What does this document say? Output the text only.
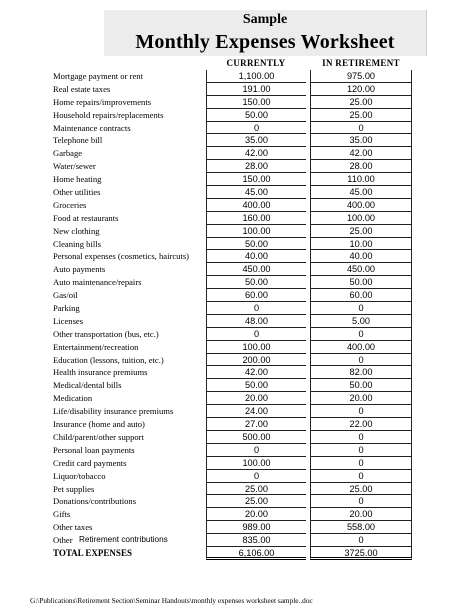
Sample
Monthly Expenses Worksheet
CURRENTLY	IN RETIREMENT
Mortgage payment or rent	1,100.00	975.00
Real estate taxes	191.00	120.00
Home repairs/improvements	150.00	25.00
Household repairs/replacements	50.00	25.00
Maintenance contracts	0	0
Telephone bill	35.00	35.00
Garbage	42.00	42.00
Water/sewer	28.00	28.00
Home heating	150.00	110.00
Other utilities	45.00	45.00
Groceries	400.00	400.00
Food at restaurants	160.00	100.00
New clothing	100.00	25.00
Cleaning bills	50.00	10.00
Personal expenses (cosmetics, haircuts)	40.00	40.00
Auto payments	450.00	450.00
Auto maintenance/repairs	50.00	50.00
Gas/oil	60.00	60.00
Parking	0	0
Licenses	48.00	5.00
Other transportation (bus, etc.)	0	0
Entertainment/recreation	100.00	400.00
Education (lessons, tuition, etc.)	200.00	0
Health insurance premiums	42.00	82.00
Medical/dental bills	50.00	50.00
Medication	20.00	20.00
Life/disability insurance premiums	24.00	0
Insurance (home and auto)	27.00	22.00
Child/parent/other support	500.00	0
Personal loan payments	0	0
Credit card payments	100.00	0
Liquor/tobacco	0	0
Pet supplies	25.00	25.00
Donations/contributions	25.00	0
Gifts	20.00	20.00
Other taxes	989.00	558.00
Other Retirement contributions	835.00	0
TOTAL EXPENSES	6,106.00	3725.00
G:\Publications\Retirement Section\Seminar Handouts\monthly expenses worksheet sample..doc
